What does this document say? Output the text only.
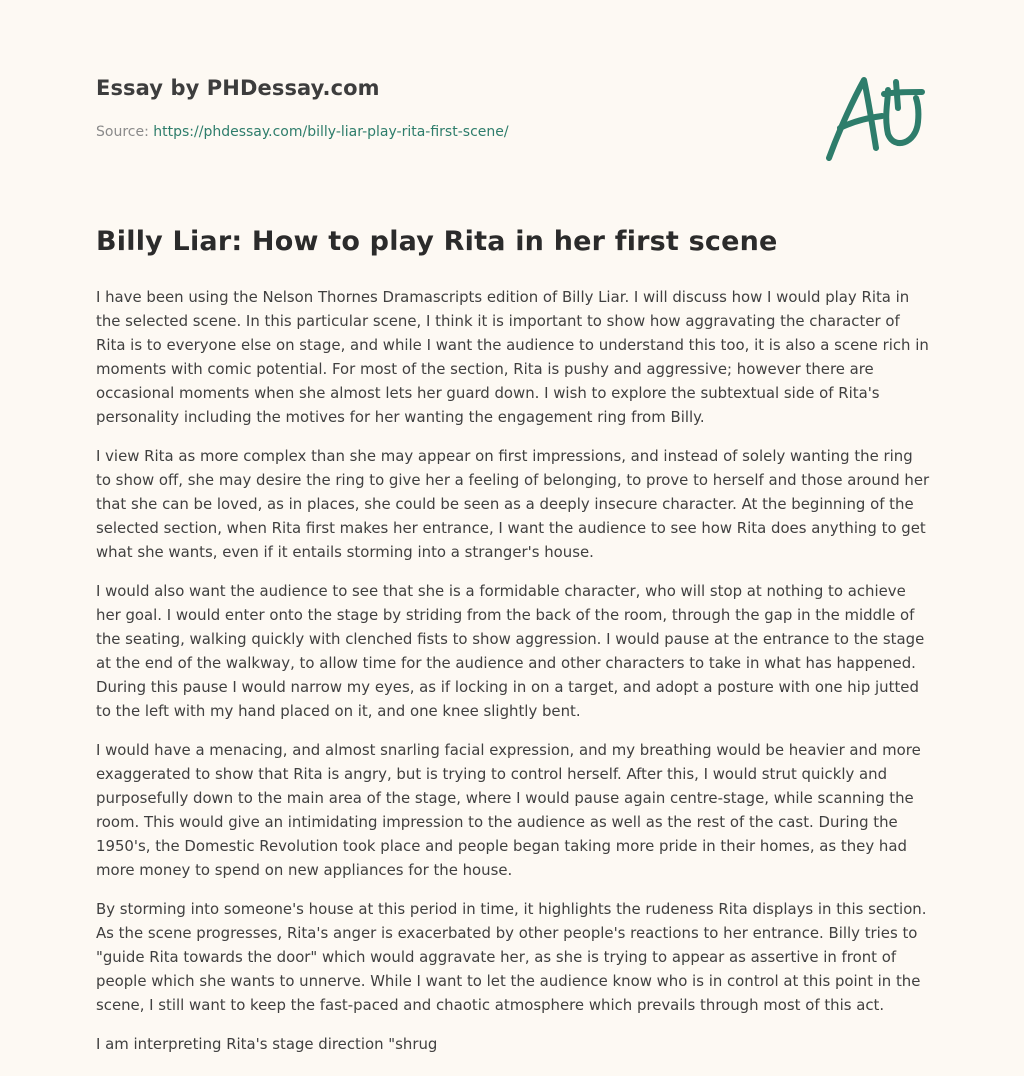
Essay by PHDessay.com
Source: https://phdessay.com/billy-liar-play-rita-first-scene/
Billy Liar: How to play Rita in her first scene

I have been using the Nelson Thornes Dramascripts edition of Billy Liar. I will discuss how I would play Rita in the selected scene. In this particular scene, I think it is important to show how aggravating the character of Rita is to everyone else on stage, and while I want the audience to understand this too, it is also a scene rich in moments with comic potential. For most of the section, Rita is pushy and aggressive; however there are occasional moments when she almost lets her guard down. I wish to explore the subtextual side of Rita's personality including the motives for her wanting the engagement ring from Billy.

I view Rita as more complex than she may appear on first impressions, and instead of solely wanting the ring to show off, she may desire the ring to give her a feeling of belonging, to prove to herself and those around her that she can be loved, as in places, she could be seen as a deeply insecure character. At the beginning of the selected section, when Rita first makes her entrance, I want the audience to see how Rita does anything to get what she wants, even if it entails storming into a stranger's house.

I would also want the audience to see that she is a formidable character, who will stop at nothing to achieve her goal. I would enter onto the stage by striding from the back of the room, through the gap in the middle of the seating, walking quickly with clenched fists to show aggression. I would pause at the entrance to the stage at the end of the walkway, to allow time for the audience and other characters to take in what has happened. During this pause I would narrow my eyes, as if locking in on a target, and adopt a posture with one hip jutted to the left with my hand placed on it, and one knee slightly bent.

I would have a menacing, and almost snarling facial expression, and my breathing would be heavier and more exaggerated to show that Rita is angry, but is trying to control herself. After this, I would strut quickly and purposefully down to the main area of the stage, where I would pause again centre-stage, while scanning the room. This would give an intimidating impression to the audience as well as the rest of the cast. During the 1950's, the Domestic Revolution took place and people began taking more pride in their homes, as they had more money to spend on new appliances for the house.

By storming into someone's house at this period in time, it highlights the rudeness Rita displays in this section. As the scene progresses, Rita's anger is exacerbated by other people's reactions to her entrance. Billy tries to "guide Rita towards the door" which would aggravate her, as she is trying to appear as assertive in front of people which she wants to unnerve. While I want to let the audience know who is in control at this point in the scene, I still want to keep the fast-paced and chaotic atmosphere which prevails through most of this act.

I am interpreting Rita's stage direction "shrug
